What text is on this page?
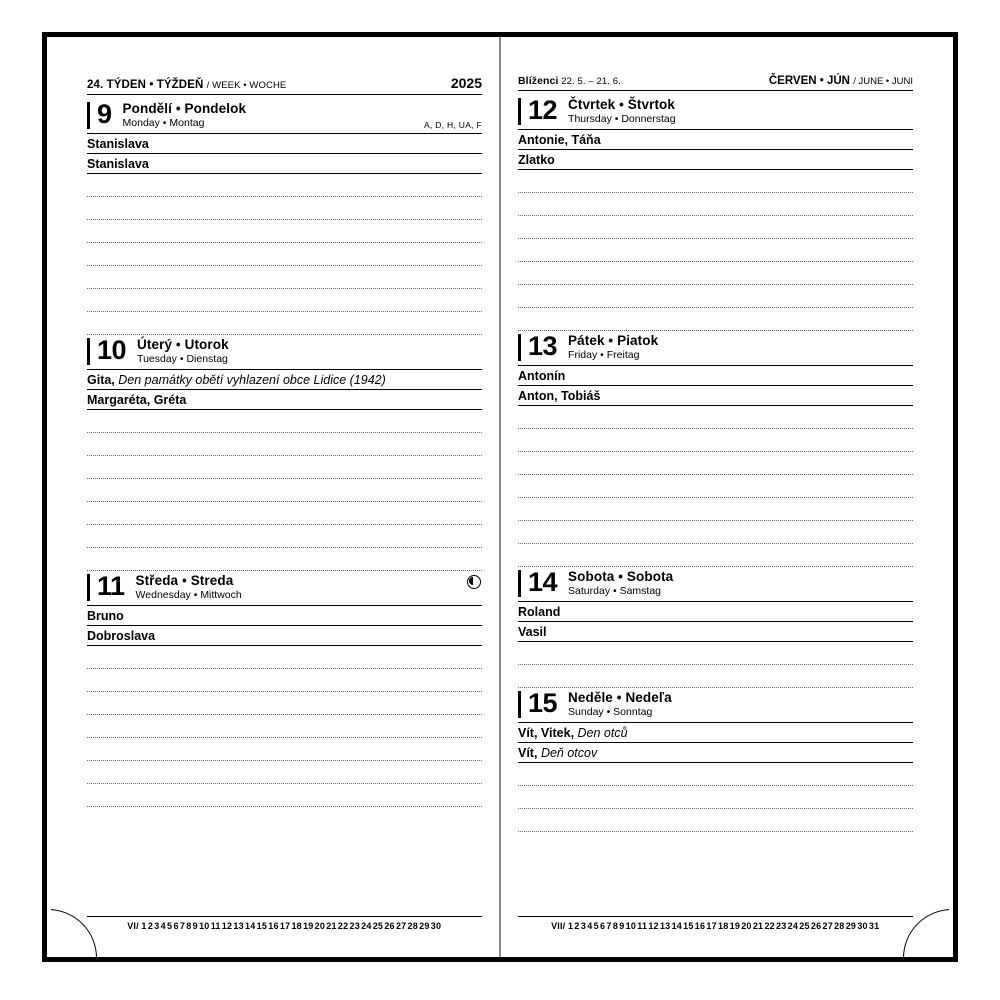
24. TÝDEN • TÝŽDEŇ / WEEK • WOCHE	2025
9 Pondělí • Pondelok
Monday • Montag	A, D, H, UA, F
Stanislava
Stanislava
10 Úterý • Utorok
Tuesday • Dienstag
Gita, Den památky obětí vyhlazení obce Lidice (1942)
Margaréta, Gréta
11 Středa • Streda
Wednesday • Mittwoch
Bruno
Dobroslava
VI/ 123456789101112131415161718192021222324252627282930
Blíženci 22. 5. – 21. 6.	ČERVEN • JÚN / JUNE • JUNI
12 Čtvrtek • Štvrtok
Thursday • Donnerstag
Antonie, Táňa
Zlatko
13 Pátek • Piatok
Friday • Freitag
Antonín
Anton, Tobiáš
14 Sobota • Sobota
Saturday • Samstag
Roland
Vasil
15 Neděle • Nedeľa
Sunday • Sonntag
Vít, Vitek, Den otců
Vít, Deň otcov
VII/ 12345678910111213141516171819202122232425262728293031
